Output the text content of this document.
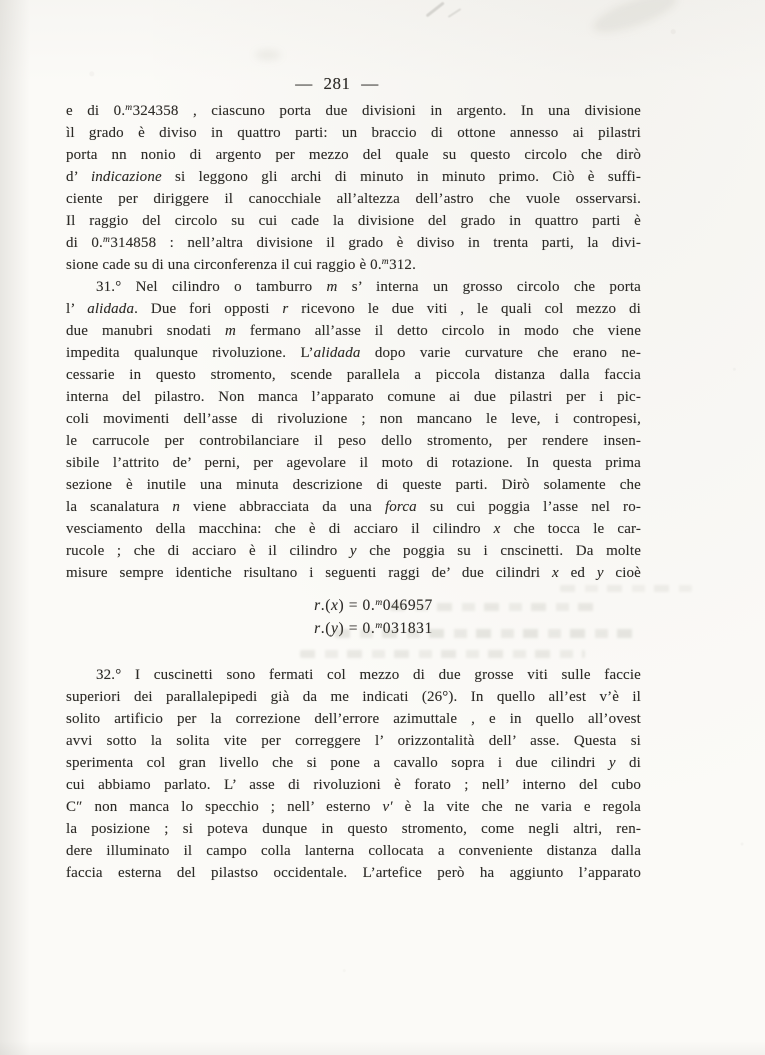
— 281 —
e di 0.$^m$324358 , ciascuno porta due divisioni in argento. In una divisione
ìl grado è diviso in quattro parti: un braccio di ottone annesso ai pilastri
porta nn nonio di argento per mezzo del quale su questo circolo che dirò
d’ indicazione si leggono gli archi di minuto in minuto primo. Ciò è suffi-
ciente per diriggere il canocchiale all’altezza dell’astro che vuole osservarsi.
Il raggio del circolo su cui cade la divisione del grado in quattro parti è
di 0.$^m$314858 : nell’altra divisione il grado è diviso in trenta parti, la divi-
sione cade su di una circonferenza il cui raggio è 0.$^m$312.
31.° Nel cilindro o tamburro m s’ interna un grosso circolo che porta
l’ alidada. Due fori opposti r ricevono le due viti , le quali col mezzo di
due manubri snodati m fermano all’asse il detto circolo in modo che viene
impedita qualunque rivoluzione. L’alidada dopo varie curvature che erano ne-
cessarie in questo stromento, scende parallela a piccola distanza dalla faccia
interna del pilastro. Non manca l’apparato comune ai due pilastri per i pic-
coli movimenti dell’asse di rivoluzione ; non mancano le leve, i contropesi,
le carrucole per controbilanciare il peso dello stromento, per rendere insen-
sibile l’attrito de’ perni, per agevolare il moto di rotazione. In questa prima
sezione è inutile una minuta descrizione di queste parti. Dirò solamente che
la scanalatura n viene abbracciata da una forca su cui poggia l’asse nel ro-
vesciamento della macchina: che è di acciaro il cilindro x che tocca le car-
rucole ; che di acciaro è il cilindro y che poggia su i cnscinetti. Da molte
misure sempre identiche risultano i seguenti raggi de’ due cilindri x ed y cioè
r.(x) = 0.$^m$046957
r.(y) = 0.$^m$031831
32.° I cuscinetti sono fermati col mezzo di due grosse viti sulle faccie
superiori dei parallalepipedi già da me indicati (26°). In quello all’est v’è il
solito artificio per la correzione dell’errore azimuttale , e in quello all’ovest
avvi sotto la solita vite per correggere l’ orizzontalità dell’ asse. Questa si
sperimenta col gran livello che si pone a cavallo sopra i due cilindri y di
cui abbiamo parlato. L’ asse di rivoluzioni è forato ; nell’ interno del cubo
C″ non manca lo specchio ; nell’ esterno v′ è la vite che ne varia e regola
la posizione ; si poteva dunque in questo stromento, come negli altri, ren-
dere illuminato il campo colla lanterna collocata a conveniente distanza dalla
faccia esterna del pilastso occidentale. L’artefice però ha aggiunto l’apparato
